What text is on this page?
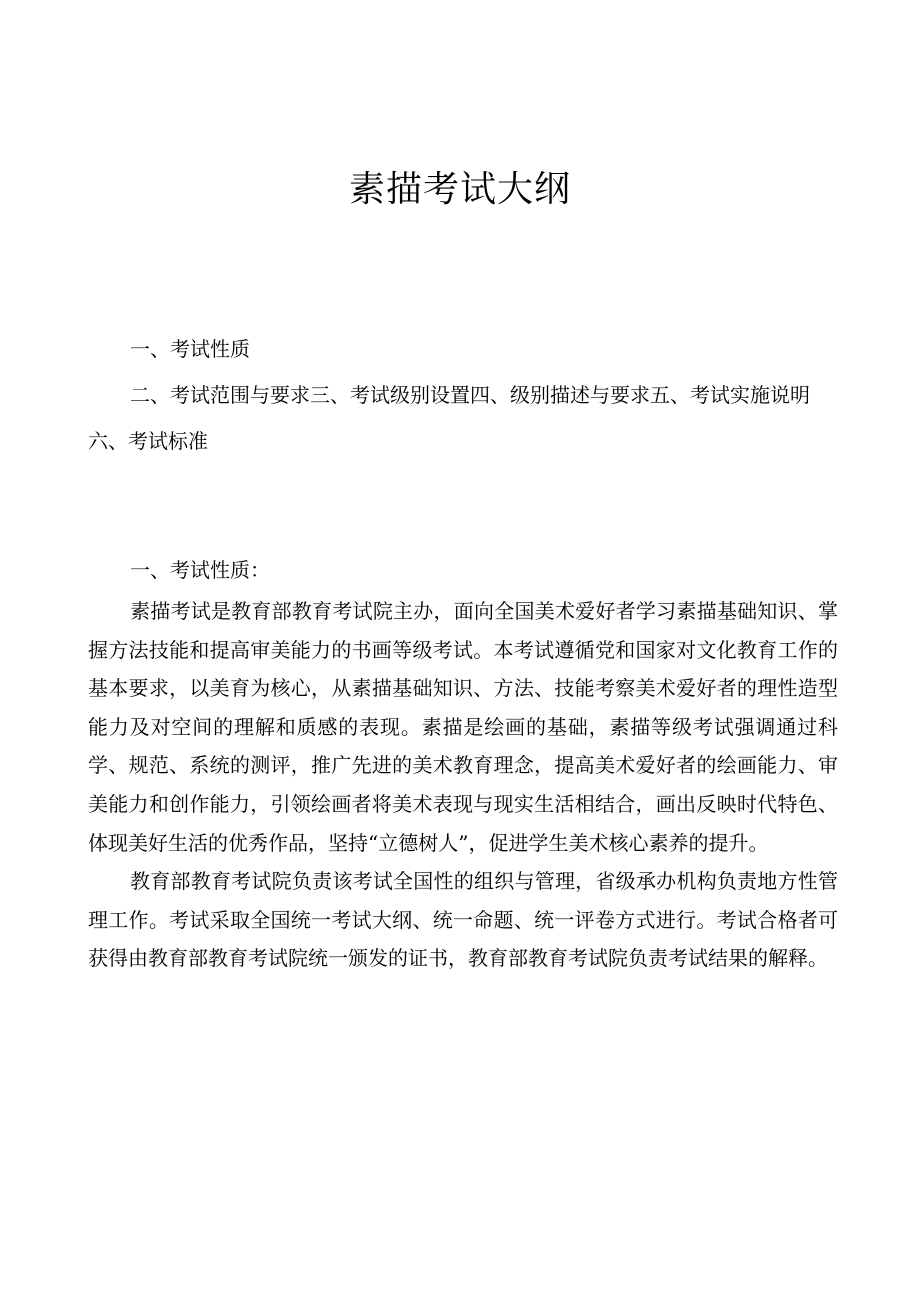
素描考试大纲
一、考试性质
二、考试范围与要求三、考试级别设置四、级别描述与要求五、考试实施说明六、考试标准
一、考试性质：

素描考试是教育部教育考试院主办，面向全国美术爱好者学习素描基础知识、掌握方法技能和提高审美能力的书画等级考试。本考试遵循党和国家对文化教育工作的基本要求，以美育为核心，从素描基础知识、方法、技能考察美术爱好者的理性造型能力及对空间的理解和质感的表现。素描是绘画的基础，素描等级考试强调通过科学、规范、系统的测评，推广先进的美术教育理念，提高美术爱好者的绘画能力、审美能力和创作能力，引领绘画者将美术表现与现实生活相结合，画出反映时代特色、体现美好生活的优秀作品，坚持“立德树人”，促进学生美术核心素养的提升。

教育部教育考试院负责该考试全国性的组织与管理，省级承办机构负责地方性管理工作。考试采取全国统一考试大纲、统一命题、统一评卷方式进行。考试合格者可获得由教育部教育考试院统一颁发的证书，教育部教育考试院负责考试结果的解释。
